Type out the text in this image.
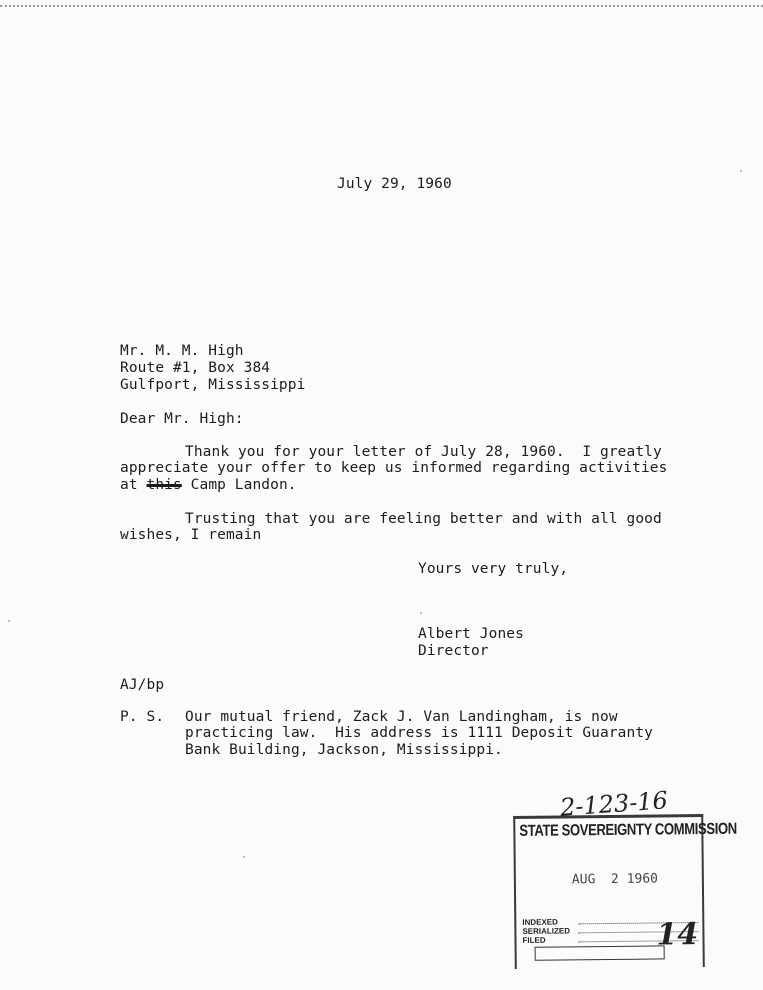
July 29, 1960
Mr. M. M. High
Route #1, Box 384
Gulfport, Mississippi
Dear Mr. High:
Thank you for your letter of July 28, 1960.  I greatly
appreciate your offer to keep us informed regarding activities
at this Camp Landon.
Trusting that you are feeling better and with all good
wishes, I remain
Yours very truly,
Albert Jones
Director
AJ/bp
P. S. Our mutual friend, Zack J. Van Landingham, is now
practicing law.  His address is 1111 Deposit Guaranty
Bank Building, Jackson, Mississippi.
2-123-16
STATE SOVEREIGNTY COMMISSION
AUG  2 1960
INDEXED
SERIALIZED
FILED	14
